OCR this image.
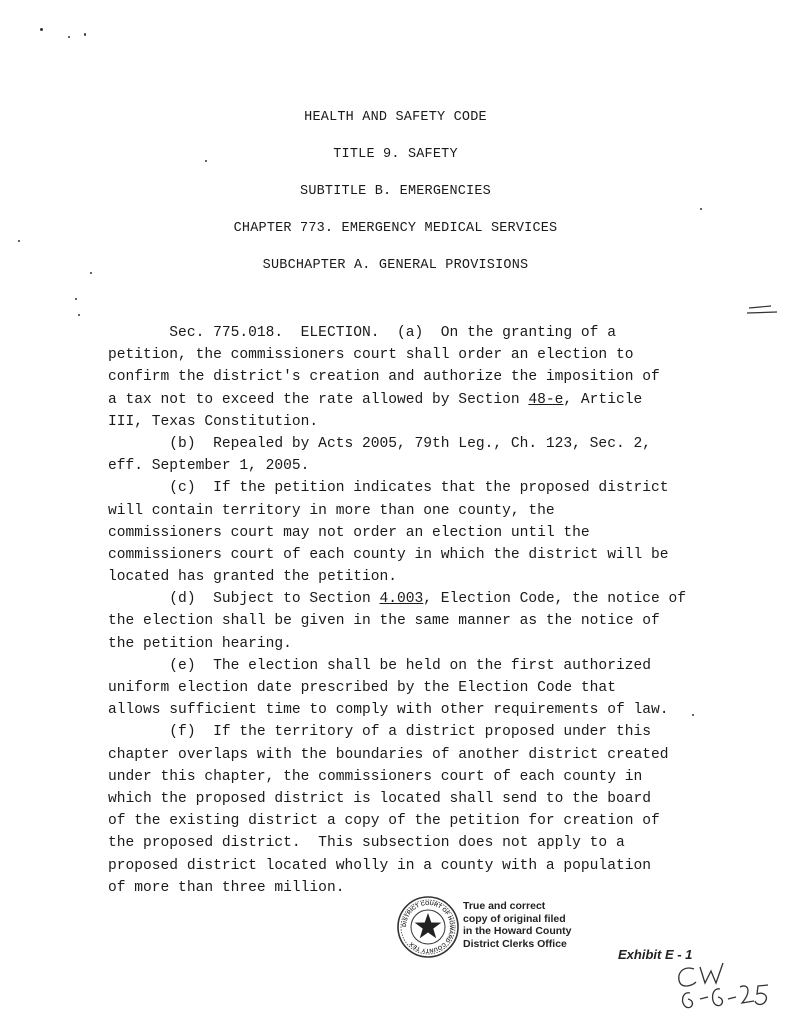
HEALTH AND SAFETY CODE
TITLE 9. SAFETY
SUBTITLE B. EMERGENCIES
CHAPTER 773. EMERGENCY MEDICAL SERVICES
SUBCHAPTER A. GENERAL PROVISIONS
Sec. 775.018.  ELECTION.  (a)  On the granting of a
petition, the commissioners court shall order an election to
confirm the district's creation and authorize the imposition of
a tax not to exceed the rate allowed by Section 48-e, Article
III, Texas Constitution.
(b)  Repealed by Acts 2005, 79th Leg., Ch. 123, Sec. 2,
eff. September 1, 2005.
(c)  If the petition indicates that the proposed district
will contain territory in more than one county, the
commissioners court may not order an election until the
commissioners court of each county in which the district will be
located has granted the petition.
(d)  Subject to Section 4.003, Election Code, the notice of
the election shall be given in the same manner as the notice of
the petition hearing.
(e)  The election shall be held on the first authorized
uniform election date prescribed by the Election Code that
allows sufficient time to comply with other requirements of law.
(f)  If the territory of a district proposed under this
chapter overlaps with the boundaries of another district created
under this chapter, the commissioners court of each county in
which the proposed district is located shall send to the board
of the existing district a copy of the petition for creation of
the proposed district.  This subsection does not apply to a
proposed district located wholly in a county with a population
of more than three million.
DISTRICT COURT OF HOWARD COUNTY TEX
True and correct
copy of original filed
in the Howard County
District Clerks Office
Exhibit E - 1
